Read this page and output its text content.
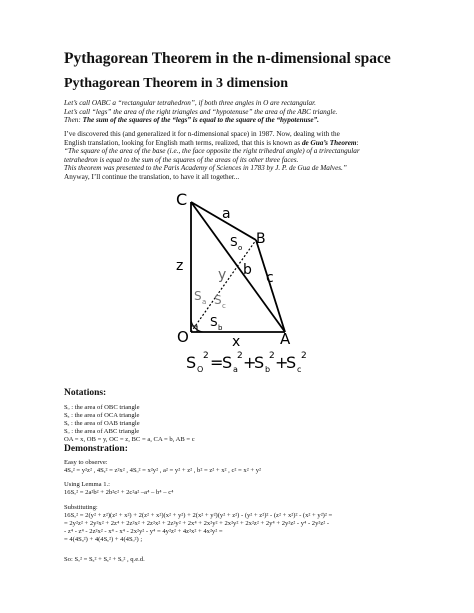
Pythagorean Theorem in the n-dimensional space
Pythagorean Theorem in 3 dimension
Let’s call OABC a “rectangular tetrahedron”, if both three angles in O are rectangular.
Let’s call “legs” the area of the right triangles and “hypotenuse” the area of the ABC triangle.
Then: The sum of the squares of the “legs” is equal to the square of the “hypotenuse”.
I’ve discovered this (and generalized it for n-dimensional space) in 1987. Now, dealing with the
English translation, looking for English math terms, realized, that this is known as de Gua’s Theorem:
“The square of the area of the base (i.e., the face opposite the right trihedral angle) of a trirectangular
tetrahedron is equal to the sum of the squares of the areas of its other three faces.
This theorem was presented to the Paris Academy of Sciences in 1783 by J. P. de Gua de Malves.”
Anyway, I’ll continue the translation, to have it all together...
C
B
O	A
a
b c
x
y
z
S o
S a S c
S b
S O
2 =
S a
2 +
S b
2 +
S c
2
Notations:
Sₒ : the area of OBC triangle
Sₐ : the area of OCA triangle
Sₑ : the area of OAB triangle
Sₒ : the area of ABC triangle
OA = x, OB = y, OC = z, BC = a, CA = b, AB = c
Demonstration:
Easy to observe:
4Sₐ² = y²z² , 4Sₑ² = z²x² , 4Sₒ² = x²y² , a² = y² + z² , b² = z² + x² , c² = x² + y²
Using Lemma 1.:
16Sₒ² = 2a²b² + 2b²c² + 2c²a² –a⁴ – b⁴ – c⁴
Substituting:
16Sₒ² = 2(y² + z²)(z² + x²) + 2(z² + x²)(x² + y²) + 2(x² + y²)(y² + z²) - (y² + z²)² - (z² + x²)² - (x² + y²)² =
= 2y²z² + 2y²x² + 2z⁴ + 2z²x² + 2z²x² + 2z²y² + 2x⁴ + 2x²y² + 2x²y² + 2x²z² + 2y⁴ + 2y²z² - y⁴ - 2y²z² -
- z⁴ - z⁴ - 2z²x² - x⁴ - x⁴ - 2x²y² - y⁴ = 4y²z² + 4z²x² + 4x²y² =
= 4(4Sₐ²) + 4(4Sₑ²) + 4(4Sₒ²) ;
So: Sₒ² = Sₐ² + Sₑ² + Sₒ² , q.e.d.
